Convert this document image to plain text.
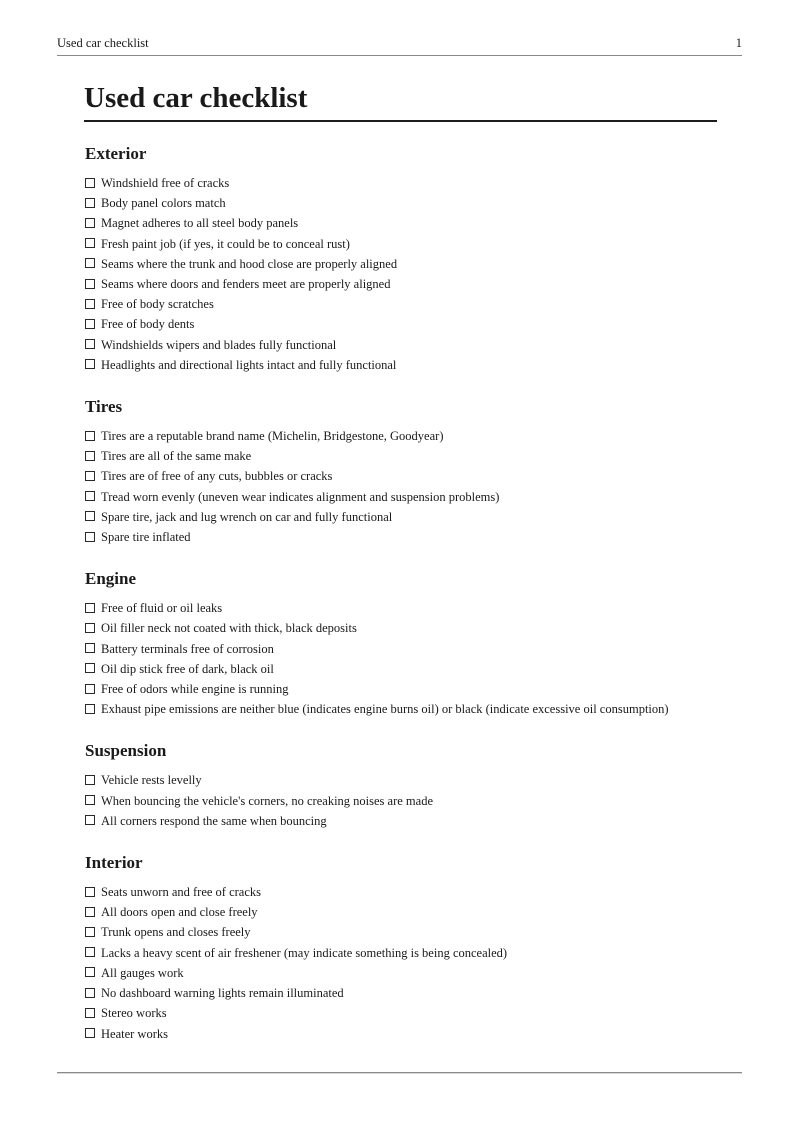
Used car checklist	1
Used car checklist
Exterior
Windshield free of cracks
Body panel colors match
Magnet adheres to all steel body panels
Fresh paint job (if yes, it could be to conceal rust)
Seams where the trunk and hood close are properly aligned
Seams where doors and fenders meet are properly aligned
Free of body scratches
Free of body dents
Windshields wipers and blades fully functional
Headlights and directional lights intact and fully functional
Tires
Tires are a reputable brand name (Michelin, Bridgestone, Goodyear)
Tires are all of the same make
Tires are of free of any cuts, bubbles or cracks
Tread worn evenly (uneven wear indicates alignment and suspension problems)
Spare tire, jack and lug wrench on car and fully functional
Spare tire inflated
Engine
Free of fluid or oil leaks
Oil filler neck not coated with thick, black deposits
Battery terminals free of corrosion
Oil dip stick free of dark, black oil
Free of odors while engine is running
Exhaust pipe emissions are neither blue (indicates engine burns oil) or black (indicate excessive oil consumption)
Suspension
Vehicle rests levelly
When bouncing the vehicle's corners, no creaking noises are made
All corners respond the same when bouncing
Interior
Seats unworn and free of cracks
All doors open and close freely
Trunk opens and closes freely
Lacks a heavy scent of air freshener (may indicate something is being concealed)
All gauges work
No dashboard warning lights remain illuminated
Stereo works
Heater works
